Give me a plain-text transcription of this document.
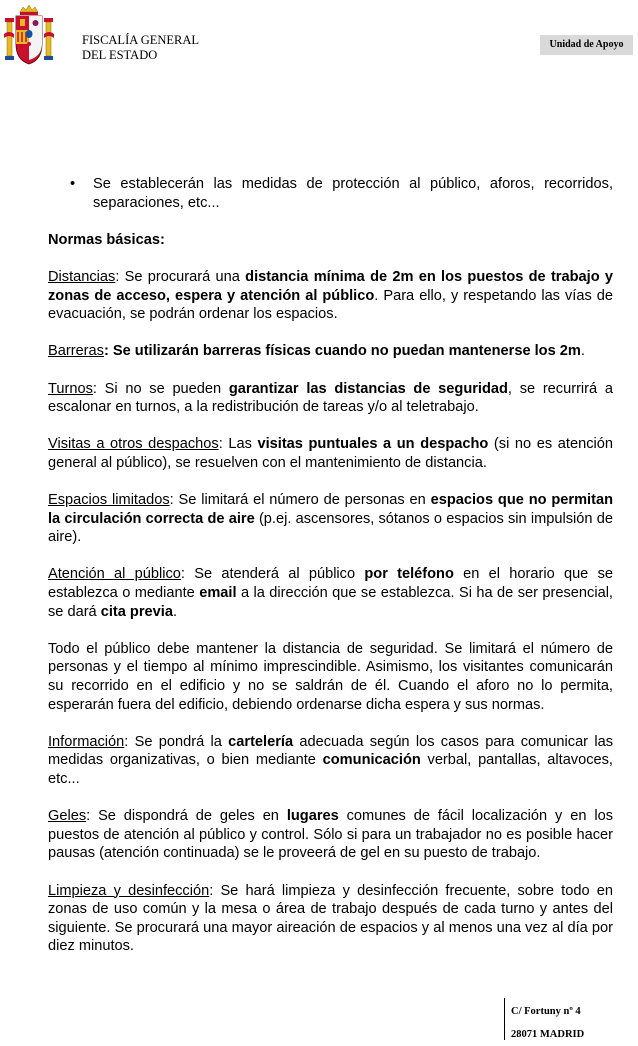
FISCALÍA GENERAL
DEL ESTADO
Unidad de Apoyo
• Se establecerán las medidas de protección al público, aforos, recorridos, separaciones, etc...
Normas básicas:

Distancias: Se procurará una distancia mínima de 2m en los puestos de trabajo y zonas de acceso, espera y atención al público. Para ello, y respetando las vías de evacuación, se podrán ordenar los espacios.

Barreras: Se utilizarán barreras físicas cuando no puedan mantenerse los 2m.

Turnos: Si no se pueden garantizar las distancias de seguridad, se recurrirá a escalonar en turnos, a la redistribución de tareas y/o al teletrabajo.

Visitas a otros despachos: Las visitas puntuales a un despacho (si no es atención general al público), se resuelven con el mantenimiento de distancia.

Espacios limitados: Se limitará el número de personas en espacios que no permitan la circulación correcta de aire (p.ej. ascensores, sótanos o espacios sin impulsión de aire).

Atención al público: Se atenderá al público por teléfono en el horario que se establezca o mediante email a la dirección que se establezca. Si ha de ser presencial, se dará cita previa.

Todo el público debe mantener la distancia de seguridad. Se limitará el número de personas y el tiempo al mínimo imprescindible. Asimismo, los visitantes comunicarán su recorrido en el edificio y no se saldrán de él. Cuando el aforo no lo permita, esperarán fuera del edificio, debiendo ordenarse dicha espera y sus normas.

Información: Se pondrá la cartelería adecuada según los casos para comunicar las medidas organizativas, o bien mediante comunicación verbal, pantallas, altavoces, etc...

Geles: Se dispondrá de geles en lugares comunes de fácil localización y en los puestos de atención al público y control. Sólo si para un trabajador no es posible hacer pausas (atención continuada) se le proveerá de gel en su puesto de trabajo.

Limpieza y desinfección: Se hará limpieza y desinfección frecuente, sobre todo en zonas de uso común y la mesa o área de trabajo después de cada turno y antes del siguiente. Se procurará una mayor aireación de espacios y al menos una vez al día por diez minutos.

C/ Fortuny nº 4
28071 MADRID
